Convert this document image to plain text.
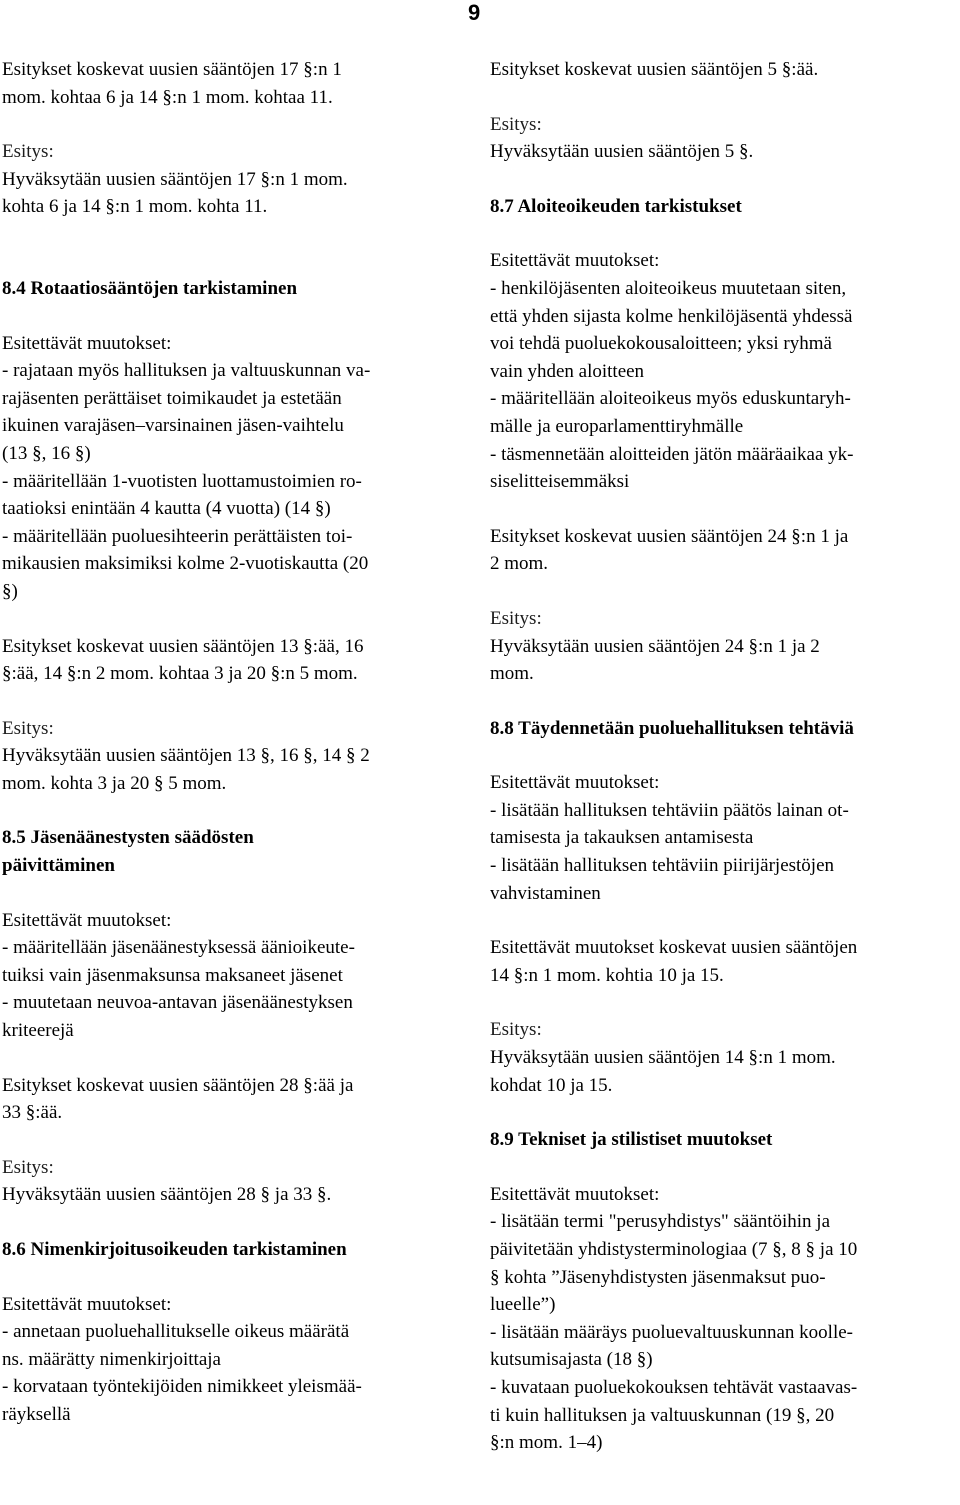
9
Esitykset koskevat uusien sääntöjen 17 §:n 1
mom. kohtaa 6 ja 14 §:n 1 mom. kohtaa 11.
Esitys:
Hyväksytään uusien sääntöjen 17 §:n 1 mom.
kohta 6 ja 14 §:n 1 mom. kohta 11.
8.4 Rotaatiosääntöjen tarkistaminen
Esitettävät muutokset:
- rajataan myös hallituksen ja valtuuskunnan va-
rajäsenten perättäiset toimikaudet ja estetään
ikuinen varajäsen–varsinainen jäsen-vaihtelu
(13 §, 16 §)
- määritellään 1-vuotisten luottamustoimien ro-
taatioksi enintään 4 kautta (4 vuotta) (14 §)
- määritellään puoluesihteerin perättäisten toi-
mikausien maksimiksi kolme 2-vuotiskautta (20
§)
Esitykset koskevat uusien sääntöjen 13 §:ää, 16
§:ää, 14 §:n 2 mom. kohtaa 3 ja 20 §:n 5 mom.
Esitys:
Hyväksytään uusien sääntöjen 13 §, 16 §, 14 § 2
mom. kohta 3 ja 20 § 5 mom.
8.5 Jäsenäänestysten säädösten
päivittäminen
Esitettävät muutokset:
- määritellään jäsenäänestyksessä äänioikeute-
tuiksi vain jäsenmaksunsa maksaneet jäsenet
- muutetaan neuvoa-antavan jäsenäänestyksen
kriteerejä
Esitykset koskevat uusien sääntöjen 28 §:ää ja
33 §:ää.
Esitys:
Hyväksytään uusien sääntöjen 28 § ja 33 §.
8.6 Nimenkirjoitusoikeuden tarkistaminen
Esitettävät muutokset:
- annetaan puoluehallitukselle oikeus määrätä
ns. määrätty nimenkirjoittaja
- korvataan työntekijöiden nimikkeet yleismää-
räyksellä
Esitykset koskevat uusien sääntöjen 5 §:ää.
Esitys:
Hyväksytään uusien sääntöjen 5 §.
8.7 Aloiteoikeuden tarkistukset
Esitettävät muutokset:
- henkilöjäsenten aloiteoikeus muutetaan siten,
että yhden sijasta kolme henkilöjäsentä yhdessä
voi tehdä puoluekokousaloitteen; yksi ryhmä
vain yhden aloitteen
- määritellään aloiteoikeus myös eduskuntaryh-
mälle ja europarlamenttiryhmälle
- täsmennetään aloitteiden jätön määräaikaa yk-
siselitteisemmäksi
Esitykset koskevat uusien sääntöjen 24 §:n 1 ja
2 mom.
Esitys:
Hyväksytään uusien sääntöjen 24 §:n 1 ja 2
mom.
8.8 Täydennetään puoluehallituksen tehtäviä
Esitettävät muutokset:
- lisätään hallituksen tehtäviin päätös lainan ot-
tamisesta ja takauksen antamisesta
- lisätään hallituksen tehtäviin piirijärjestöjen
vahvistaminen
Esitettävät muutokset koskevat uusien sääntöjen
14 §:n 1 mom. kohtia 10 ja 15.
Esitys:
Hyväksytään uusien sääntöjen 14 §:n 1 mom.
kohdat 10 ja 15.
8.9 Tekniset ja stilistiset muutokset
Esitettävät muutokset:
- lisätään termi "perusyhdistys" sääntöihin ja
päivitetään yhdistysterminologiaa (7 §, 8 § ja 10
§ kohta ”Jäsenyhdistysten jäsenmaksut puo-
lueelle”)
- lisätään määräys puoluevaltuuskunnan koolle-
kutsumisajasta (18 §)
- kuvataan puoluekokouksen tehtävät vastaavas-
ti kuin hallituksen ja valtuuskunnan (19 §, 20
§:n mom. 1–4)
